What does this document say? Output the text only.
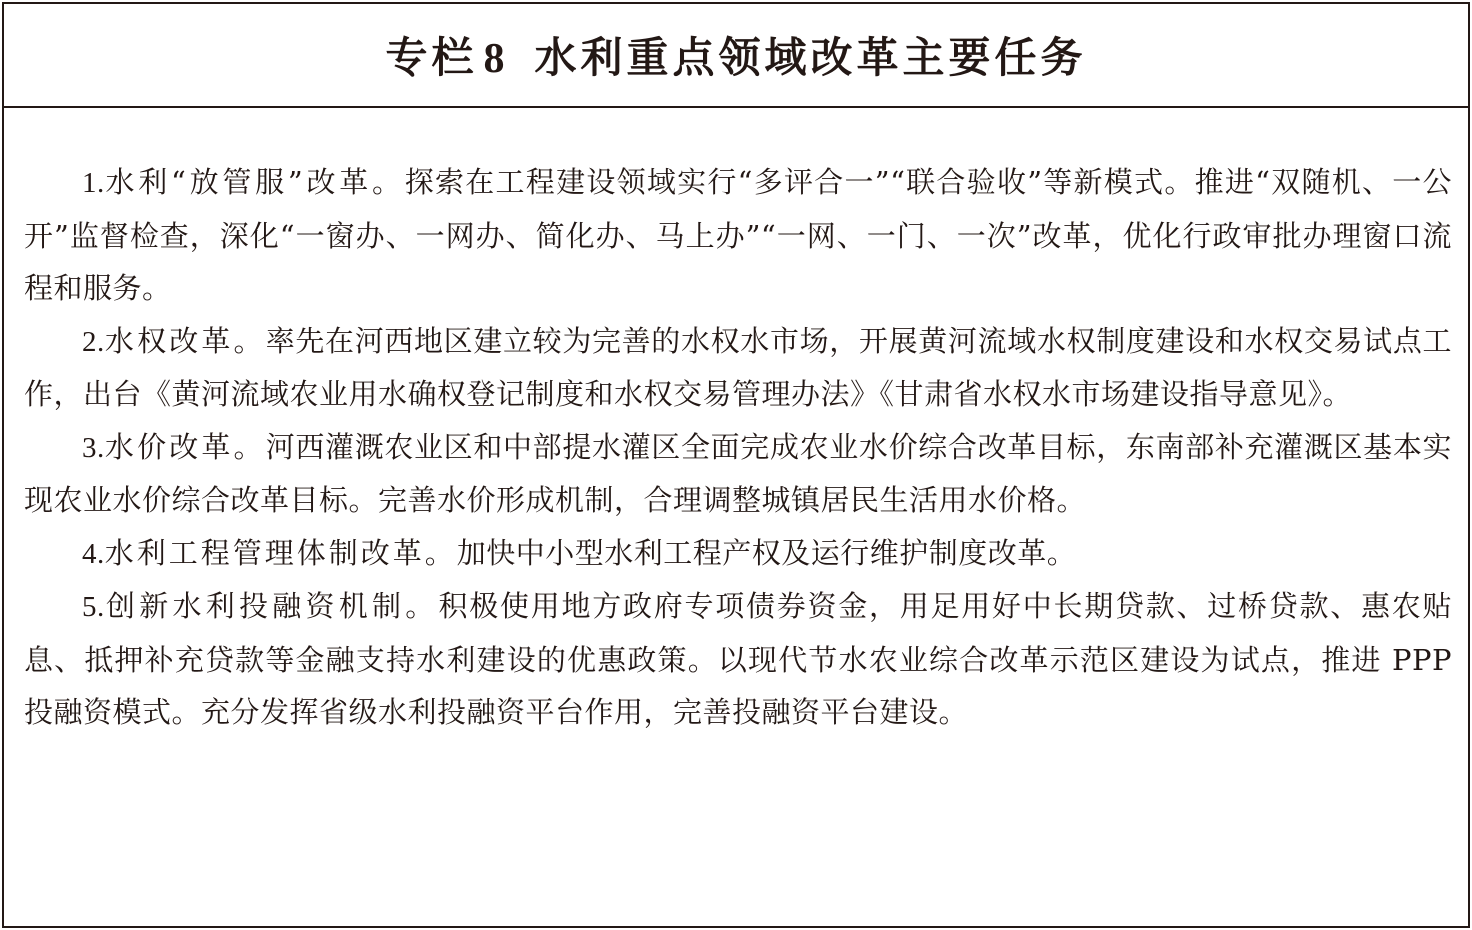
专栏 8 水利重点领域改革主要任务

1.水利“放管服”改革。探索在工程建设领域实行“多评合一”“联合验收”等新模式。推进“双随机、一公开”监督检查，深化“一窗办、一网办、简化办、马上办”“一网、一门、一次”改革，优化行政审批办理窗口流程和服务。

2.水权改革。率先在河西地区建立较为完善的水权水市场，开展黄河流域水权制度建设和水权交易试点工作，出台《黄河流域农业用水确权登记制度和水权交易管理办法》《甘肃省水权水市场建设指导意见》。

3.水价改革。河西灌溉农业区和中部提水灌区全面完成农业水价综合改革目标，东南部补充灌溉区基本实现农业水价综合改革目标。完善水价形成机制，合理调整城镇居民生活用水价格。

4.水利工程管理体制改革。加快中小型水利工程产权及运行维护制度改革。

5.创新水利投融资机制。积极使用地方政府专项债券资金，用足用好中长期贷款、过桥贷款、惠农贴息、抵押补充贷款等金融支持水利建设的优惠政策。以现代节水农业综合改革示范区建设为试点，推进 PPP 投融资模式。充分发挥省级水利投融资平台作用，完善投融资平台建设。
